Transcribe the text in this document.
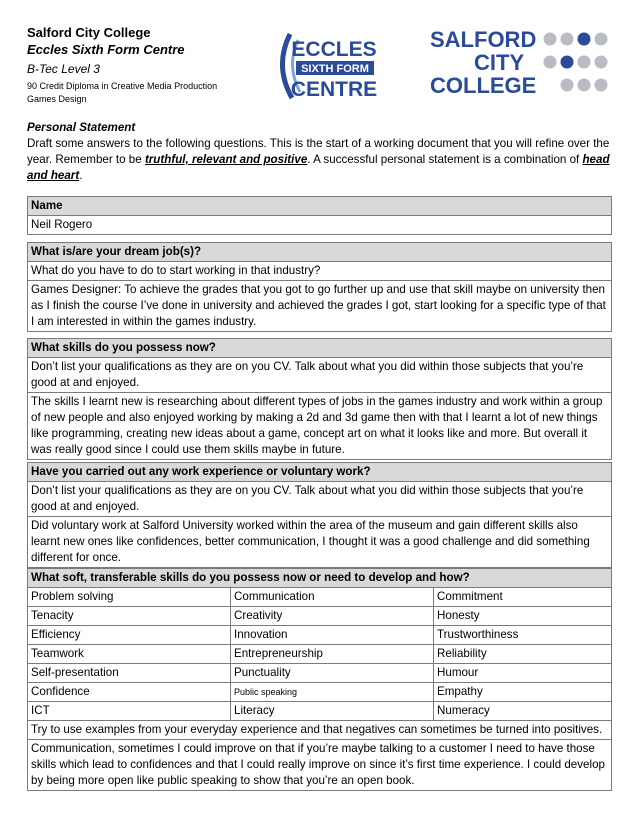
Salford City College
Eccles Sixth Form Centre
B-Tec Level 3
90 Credit Diploma in Creative Media Production
Games Design
ECCLES
SIXTH FORM
CENTRE
SALFORD
CITY
COLLEGE
Personal Statement
Draft some answers to the following questions. This is the start of a working document that you will refine over the year. Remember to be truthful, relevant and positive. A successful personal statement is a combination of head and heart.
Name
Neil Rogero
What is/are your dream job(s)?
What do you have to do to start working in that industry?
Games Designer: To achieve the grades that you got to go further up and use that skill maybe on university then as I finish the course I’ve done in university and achieved the grades I got, start looking for a specific type of that I am interested in within the games industry.
What skills do you possess now?
Don’t list your qualifications as they are on you CV. Talk about what you did within those subjects that you’re good at and enjoyed.
The skills I learnt new is researching about different types of jobs in the games industry and work within a group of new people and also enjoyed working by making a 2d and 3d game then with that I learnt a lot of new things like programming, creating new ideas about a game, concept art on what it looks like and more. But overall it was really good since I could use them skills maybe in future.
Have you carried out any work experience or voluntary work?
Don’t list your qualifications as they are on you CV. Talk about what you did within those subjects that you’re good at and enjoyed.
Did voluntary work at Salford University worked within the area of the museum and gain different skills also learnt new ones like confidences, better communication, I thought it was a good challenge and did something different for once.
What soft, transferable skills do you possess now or need to develop and how?		
Problem solving	Communication	Commitment
Tenacity	Creativity	Honesty
Efficiency	Innovation	Trustworthiness
Teamwork	Entrepreneurship	Reliability
Self-presentation	Punctuality	Humour
Confidence	Public speaking	Empathy
ICT	Literacy	Numeracy
Try to use examples from your everyday experience and that negatives can sometimes be turned into positives.		
Communication, sometimes I could improve on that if you’re maybe talking to a customer I need to have those skills which lead to confidences and that I could really improve on since it’s first time experience. I could develop by being more open like public speaking to show that you’re an open book.		
